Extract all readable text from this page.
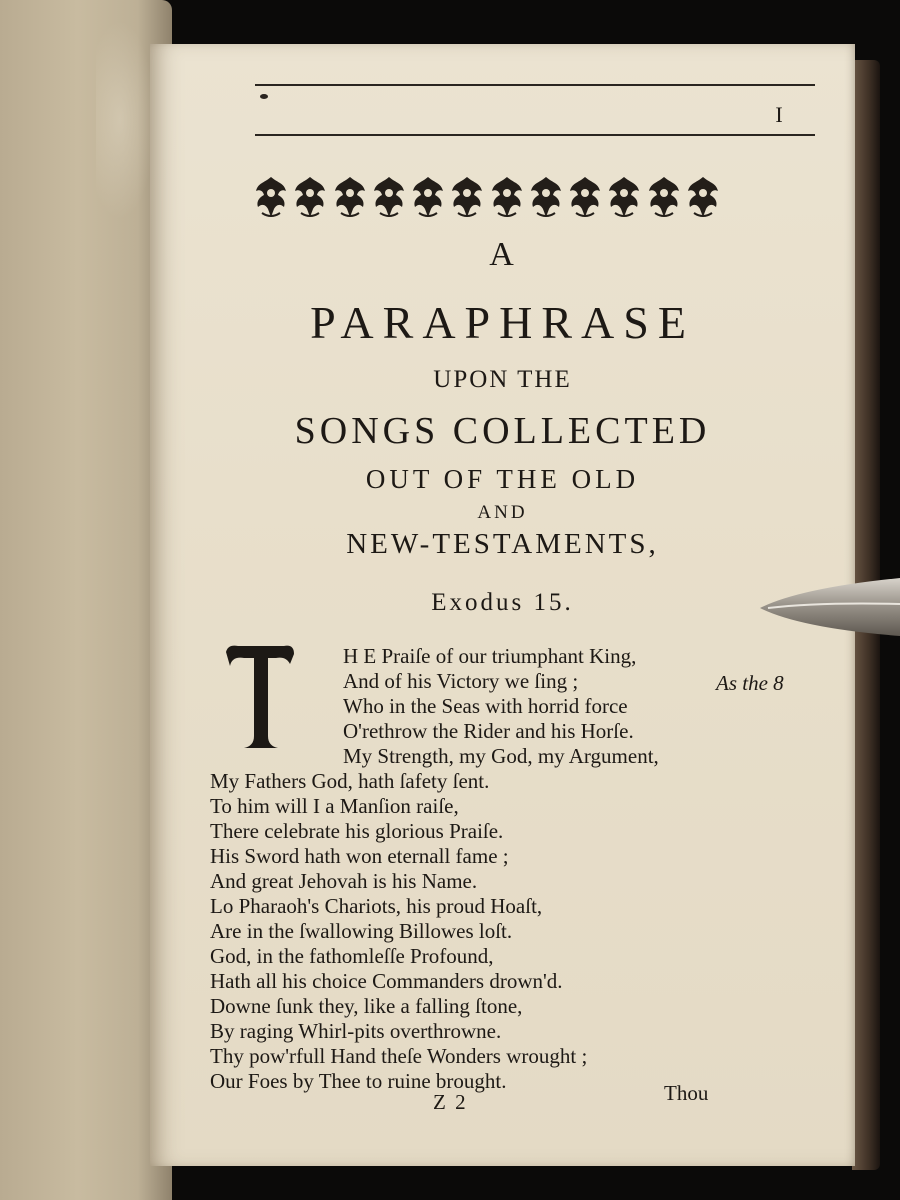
I
A
PARAPHRASE
UPON THE
SONGS COLLECTED
OUT OF THE OLD
AND
NEW-TESTAMENTS,
Exodus 15.
H E Praiſe of our triumphant King,
And of his Victory we ſing ;
Who in the Seas with horrid force
O'rethrow the Rider and his Horſe.
My Strength, my God, my Argument,
My Fathers God, hath ſafety ſent.
To him will I a Manſion raiſe,
There celebrate his glorious Praiſe.
His Sword hath won eternall fame ;
And great Jehovah is his Name.
Lo Pharaoh's Chariots, his proud Hoaſt,
Are in the ſwallowing Billowes loſt.
God, in the fathomleſſe Profound,
Hath all his choice Commanders drown'd.
Downe ſunk they, like a falling ſtone,
By raging Whirl-pits overthrowne.
Thy pow'rfull Hand theſe Wonders wrought ;
Our Foes by Thee to ruine brought.
As the 8
Z 2	Thou
